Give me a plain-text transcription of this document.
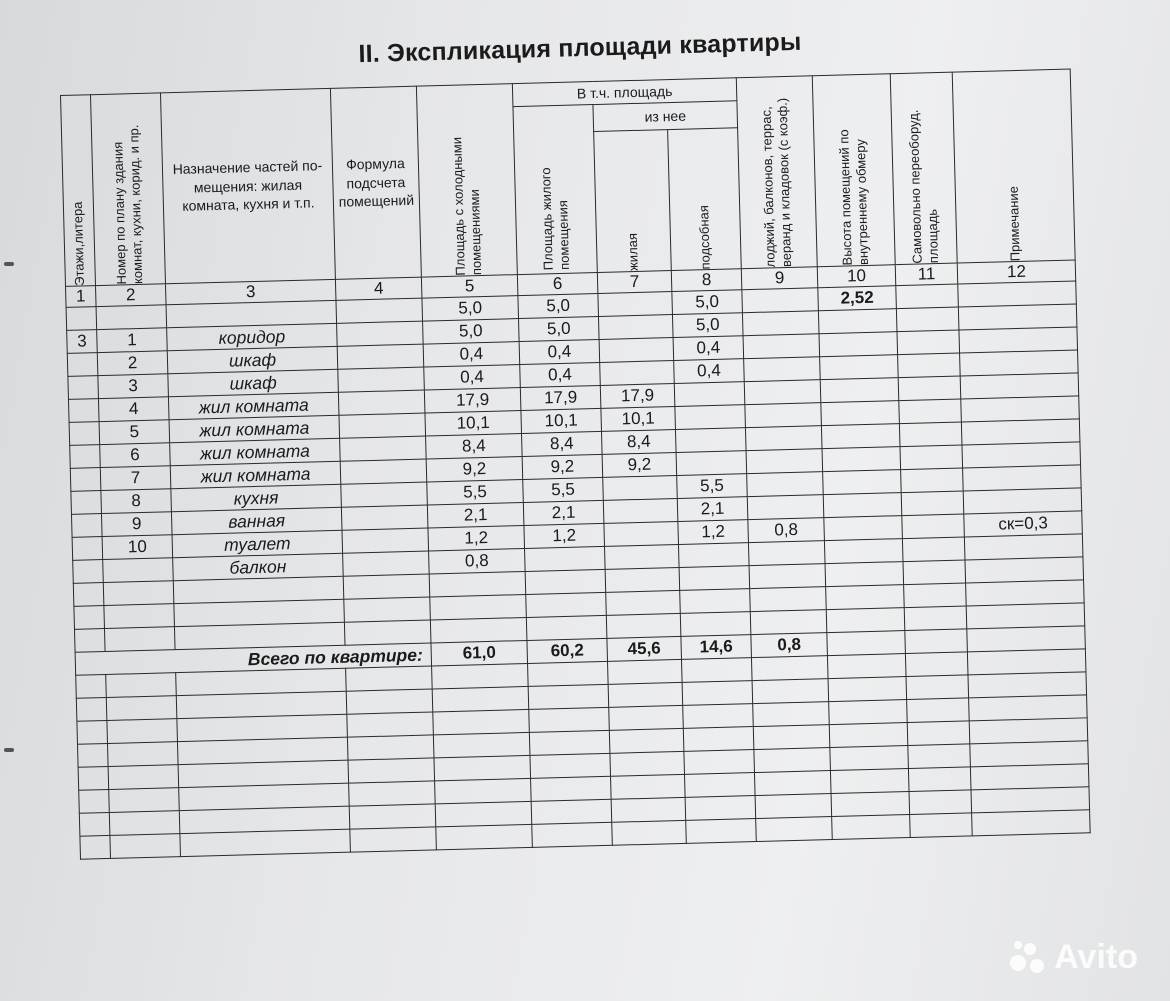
II. Экспликация площади квартиры
Этажи,литера	Номер по плану здания комнат, кухни, корид. и пр.	Назначение частей по- мещения: жилая комната, кухня и т.п.	Формула подсчета помещений	Площадь с холодными помещениями	В т.ч. площадь			лоджий, балконов, террас, веранд и кладовок (с коэф.)	Высота помещений по внутреннему обмеру	Самовольно переоборуд. площадь	Примечание

					Площадь жилого помещения	из нее					

						жилая	подсобная				

1	2	3	4	5	6	7	8	9	10	11	12
				5,0	5,0		5,0		2,52		
3	1	коридор		5,0	5,0		5,0				
	2	шкаф		0,4	0,4		0,4				
	3	шкаф		0,4	0,4		0,4				
	4	жил комната		17,9	17,9	17,9					
	5	жил комната		10,1	10,1	10,1					
	6	жил комната		8,4	8,4	8,4					
	7	жил комната		9,2	9,2	9,2					
	8	кухня		5,5	5,5		5,5				
	9	ванная		2,1	2,1		2,1				
	10	туалет		1,2	1,2		1,2	0,8			ск=0,3
		балкон		0,8							

Всего по квартире:				61,0	60,2	45,6	14,6	0,8			

Avito
